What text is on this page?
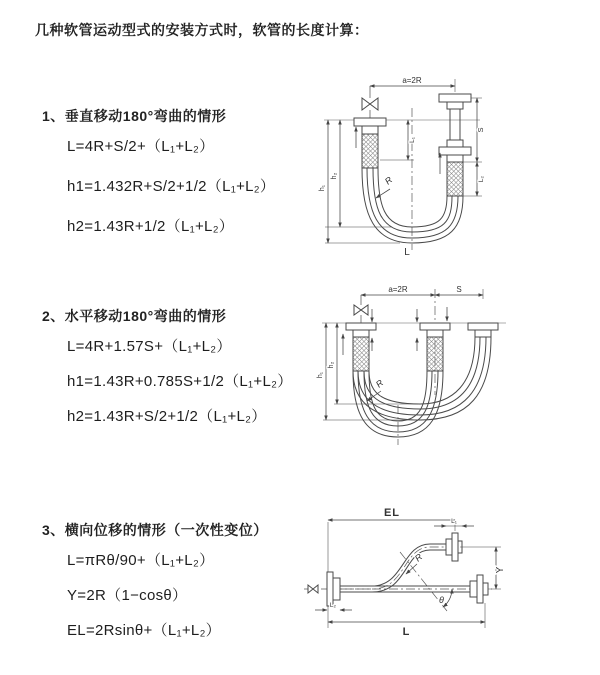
几种软管运动型式的安装方式时，软管的长度计算：
1、垂直移动180°弯曲的情形
L=4R+S/2+（L₁+L₂）
h1=1.432R+S/2+1/2（L₁+L₂）
h2=1.43R+1/2（L₁+L₂）
2、水平移动180°弯曲的情形
L=4R+1.57S+（L₁+L₂）
h1=1.43R+0.785S+1/2（L₁+L₂）
h2=1.43R+S/2+1/2（L₁+L₂）
3、横向位移的情形（一次性变位）
L=πRθ/90+（L₁+L₂）
Y=2R（1−cosθ）
EL=2Rsinθ+（L₁+L₂）
a=2R
h₁
h₂
L₁
S
L₂
R
L
a=2R	S
h₁
h₂
R
EL
L₁
Y
R
θ
L
L₂
